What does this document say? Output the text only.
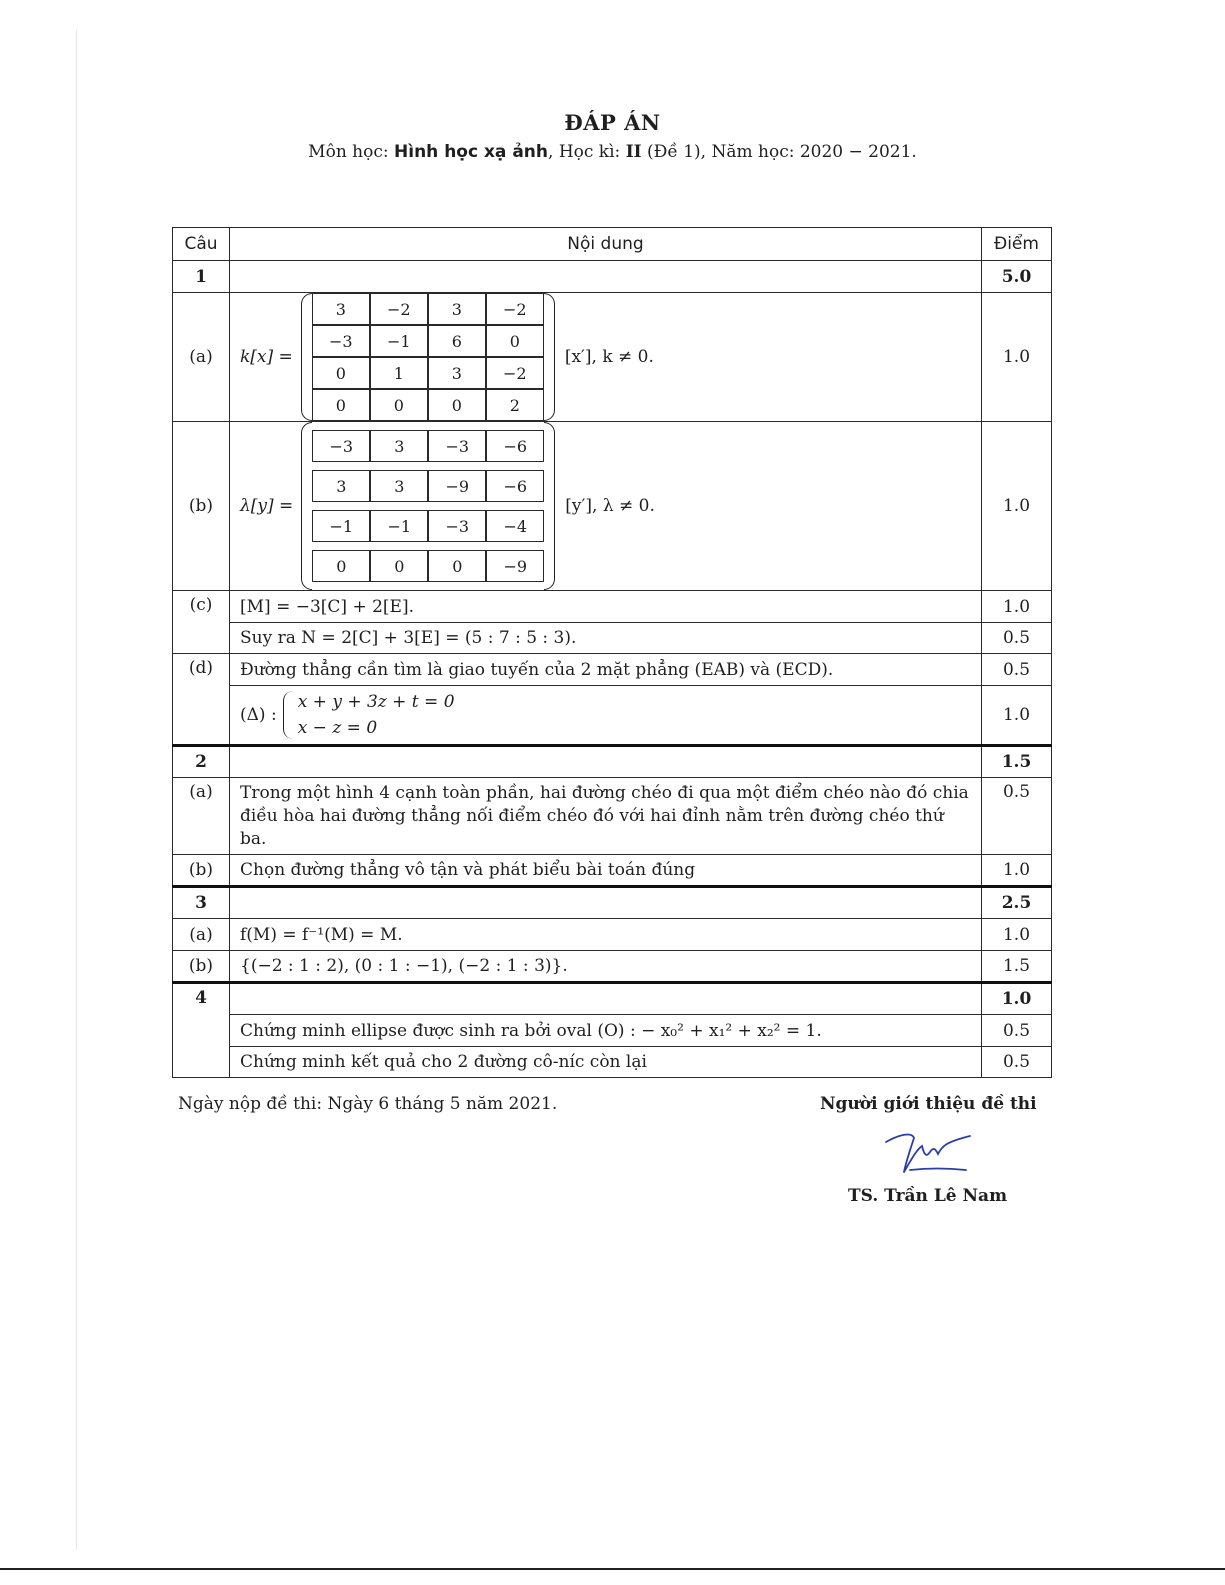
ĐÁP ÁN
Môn học: Hình học xạ ảnh, Học kì: II (Đề 1), Năm học: 2020 − 2021.
Câu	Nội dung	Điểm
1		5.0
(a)	k[x] =
3	−2	3	−2
−3	−1	6	0
0	1	3	−2
0	0	0	2
[x′], k ≠ 0.	1.0
(b)	λ[y] =
−3	3	−3	−6
3	3	−9	−6
−1	−1	−3	−4
0	0	0	−9
[y′], λ ≠ 0.	1.0
(c)	[M] = −3[C] + 2[E].	1.0
Suy ra N = 2[C] + 3[E] = (5 : 7 : 5 : 3).	0.5
(d)	Đường thẳng cần tìm là giao tuyến của 2 mặt phẳng (EAB) và (ECD).	0.5

(Δ) :
x + y + 3z + t = 0
x − z = 0
	1.0
2		1.5
(a)	Trong một hình 4 cạnh toàn phần, hai đường chéo đi qua một điểm chéo nào đó chia điều hòa hai đường thẳng nối điểm chéo đó với hai đỉnh nằm trên đường chéo thứ ba.	0.5
(b)	Chọn đường thẳng vô tận và phát biểu bài toán đúng	1.0
3		2.5
(a)	f(M) = f⁻¹(M) = M.	1.0
(b)	{(−2 : 1 : 2), (0 : 1 : −1), (−2 : 1 : 3)}.	1.5
4		1.0
Chứng minh ellipse được sinh ra bởi oval (O) : − x₀² + x₁² + x₂² = 1.	0.5
Chứng minh kết quả cho 2 đường cô-níc còn lại	0.5
Ngày nộp đề thi: Ngày 6 tháng 5 năm 2021.	Người giới thiệu đề thi
TS. Trần Lê Nam
